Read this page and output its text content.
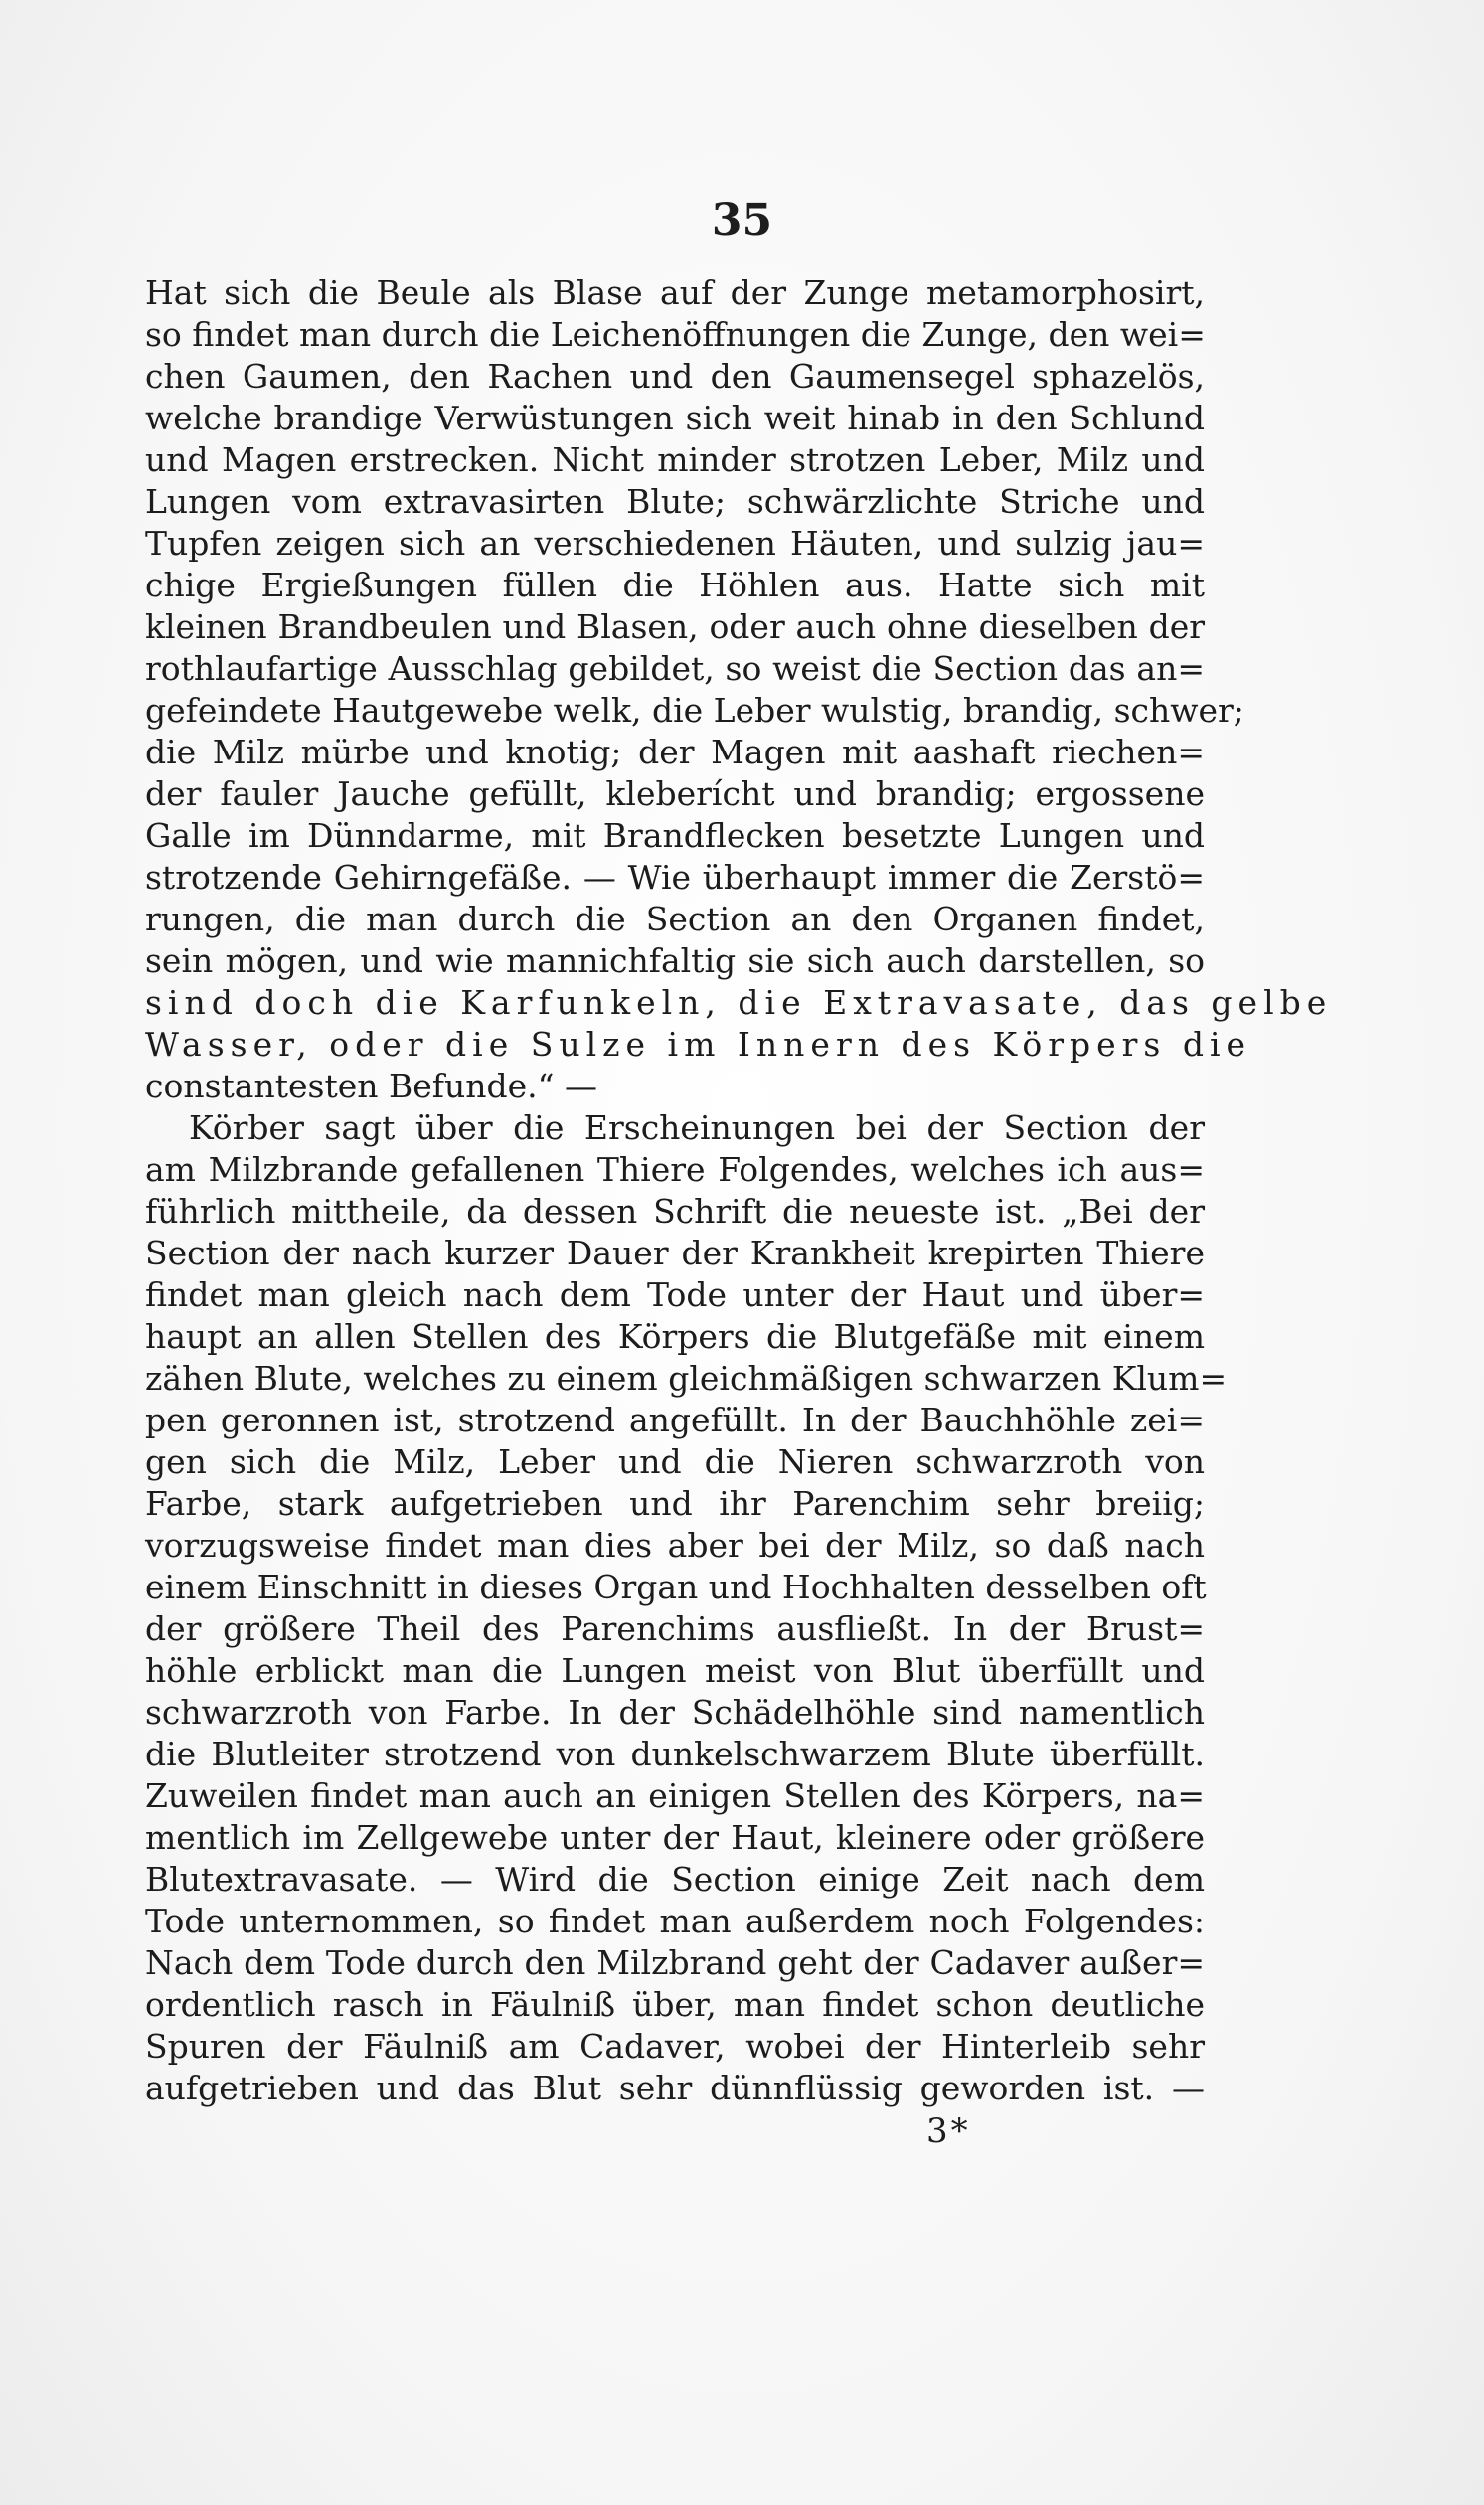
35
Hat sich die Beule als Blase auf der Zunge metamorphosirt,
so findet man durch die Leichenöffnungen die Zunge, den wei=
chen Gaumen, den Rachen und den Gaumensegel sphazelös,
welche brandige Verwüstungen sich weit hinab in den Schlund
und Magen erstrecken. Nicht minder strotzen Leber, Milz und
Lungen vom extravasirten Blute; schwärzlichte Striche und
Tupfen zeigen sich an verschiedenen Häuten, und sulzig jau=
chige Ergießungen füllen die Höhlen aus. Hatte sich mit
kleinen Brandbeulen und Blasen, oder auch ohne dieselben der
rothlaufartige Ausschlag gebildet, so weist die Section das an=
gefeindete Hautgewebe welk, die Leber wulstig, brandig, schwer;
die Milz mürbe und knotig; der Magen mit aashaft riechen=
der fauler Jauche gefüllt, kleberícht und brandig; ergossene
Galle im Dünndarme, mit Brandflecken besetzte Lungen und
strotzende Gehirngefäße. — Wie überhaupt immer die Zerstö=
rungen, die man durch die Section an den Organen findet,
sein mögen, und wie mannichfaltig sie sich auch darstellen, so
sind doch die Karfunkeln, die Extravasate, das gelbe
Wasser, oder die Sulze im Innern des Körpers die
constantesten Befunde.“ —
Körber sagt über die Erscheinungen bei der Section der
am Milzbrande gefallenen Thiere Folgendes, welches ich aus=
führlich mittheile, da dessen Schrift die neueste ist. „Bei der
Section der nach kurzer Dauer der Krankheit krepirten Thiere
findet man gleich nach dem Tode unter der Haut und über=
haupt an allen Stellen des Körpers die Blutgefäße mit einem
zähen Blute, welches zu einem gleichmäßigen schwarzen Klum=
pen geronnen ist, strotzend angefüllt. In der Bauchhöhle zei=
gen sich die Milz, Leber und die Nieren schwarzroth von
Farbe, stark aufgetrieben und ihr Parenchim sehr breiig;
vorzugsweise findet man dies aber bei der Milz, so daß nach
einem Einschnitt in dieses Organ und Hochhalten desselben oft
der größere Theil des Parenchims ausfließt. In der Brust=
höhle erblickt man die Lungen meist von Blut überfüllt und
schwarzroth von Farbe. In der Schädelhöhle sind namentlich
die Blutleiter strotzend von dunkelschwarzem Blute überfüllt.
Zuweilen findet man auch an einigen Stellen des Körpers, na=
mentlich im Zellgewebe unter der Haut, kleinere oder größere
Blutextravasate. — Wird die Section einige Zeit nach dem
Tode unternommen, so findet man außerdem noch Folgendes:
Nach dem Tode durch den Milzbrand geht der Cadaver außer=
ordentlich rasch in Fäulniß über, man findet schon deutliche
Spuren der Fäulniß am Cadaver, wobei der Hinterleib sehr
aufgetrieben und das Blut sehr dünnflüssig geworden ist. —
3*
